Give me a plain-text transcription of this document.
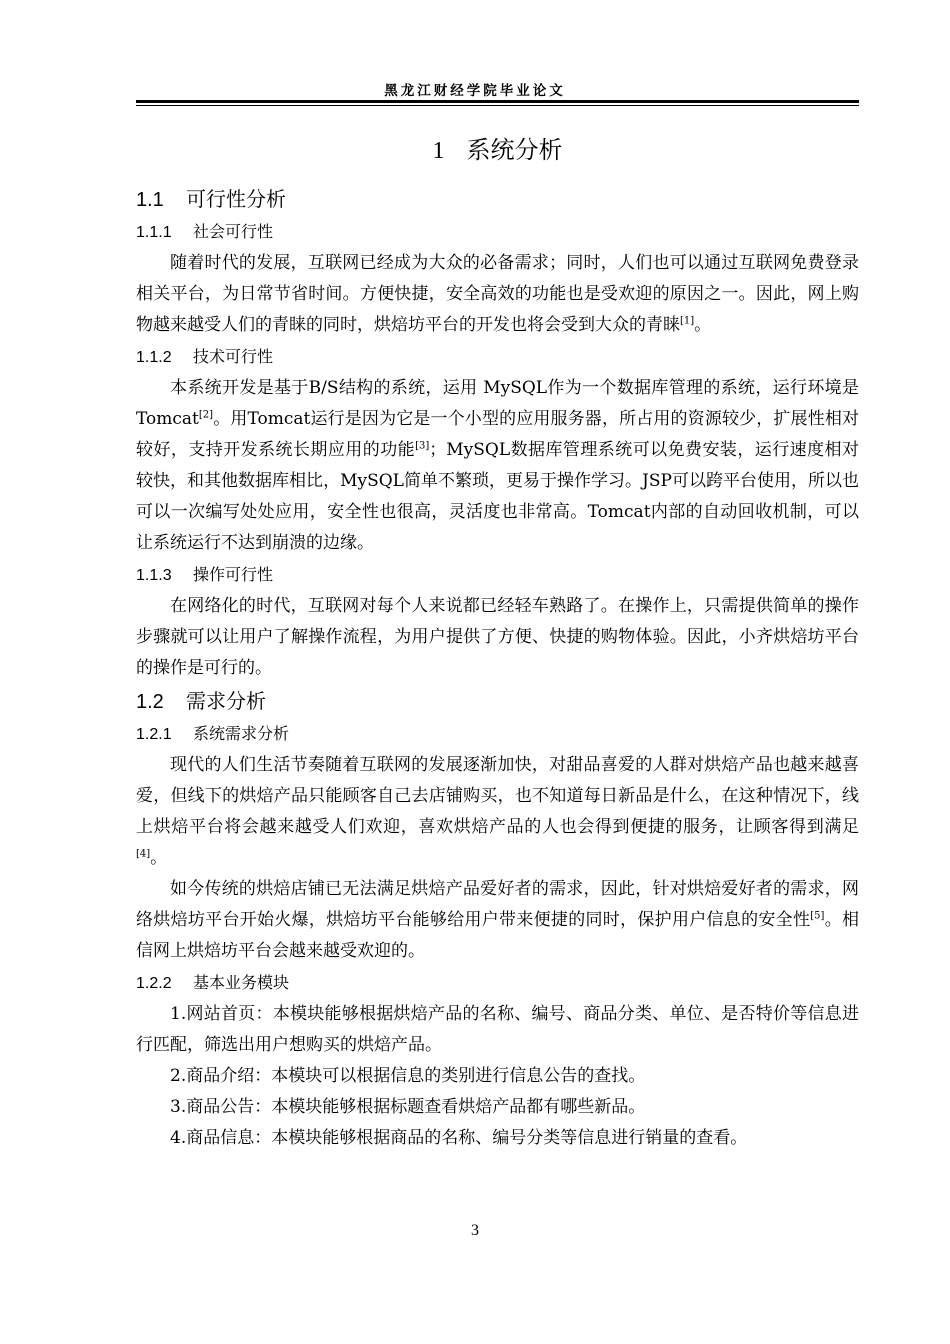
黑龙江财经学院毕业论文
1 系统分析
1.1 可行性分析
1.1.1 社会可行性

随着时代的发展，互联网已经成为大众的必备需求；同时，人们也可以通过互联网免费登录相关平台，为日常节省时间。方便快捷，安全高效的功能也是受欢迎的原因之一。因此，网上购物越来越受人们的青睐的同时，烘焙坊平台的开发也将会受到大众的青睐[1]。

1.1.2 技术可行性

本系统开发是基于B/S结构的系统，运用 MySQL作为一个数据库管理的系统，运行环境是 Tomcat[2]。用Tomcat运行是因为它是一个小型的应用服务器，所占用的资源较少，扩展性相对较好，支持开发系统长期应用的功能[3]；MySQL数据库管理系统可以免费安装，运行速度相对较快，和其他数据库相比，MySQL简单不繁琐，更易于操作学习。JSP可以跨平台使用，所以也可以一次编写处处应用，安全性也很高，灵活度也非常高。Tomcat内部的自动回收机制，可以让系统运行不达到崩溃的边缘。

1.1.3 操作可行性

在网络化的时代，互联网对每个人来说都已经轻车熟路了。在操作上，只需提供简单的操作步骤就可以让用户了解操作流程，为用户提供了方便、快捷的购物体验。因此，小齐烘焙坊平台的操作是可行的。

1.2 需求分析
1.2.1 系统需求分析

现代的人们生活节奏随着互联网的发展逐渐加快，对甜品喜爱的人群对烘焙产品也越来越喜爱，但线下的烘焙产品只能顾客自己去店铺购买，也不知道每日新品是什么，在这种情况下，线上烘焙平台将会越来越受人们欢迎，喜欢烘焙产品的人也会得到便捷的服务，让顾客得到满足[4]。

如今传统的烘焙店铺已无法满足烘焙产品爱好者的需求，因此，针对烘焙爱好者的需求，网络烘焙坊平台开始火爆，烘焙坊平台能够给用户带来便捷的同时，保护用户信息的安全性[5]。相信网上烘焙坊平台会越来越受欢迎的。

1.2.2 基本业务模块

1.网站首页：本模块能够根据烘焙产品的名称、编号、商品分类、单位、是否特价等信息进行匹配，筛选出用户想购买的烘焙产品。

2.商品介绍：本模块可以根据信息的类别进行信息公告的查找。

3.商品公告：本模块能够根据标题查看烘焙产品都有哪些新品。

4.商品信息：本模块能够根据商品的名称、编号分类等信息进行销量的查看。

3
